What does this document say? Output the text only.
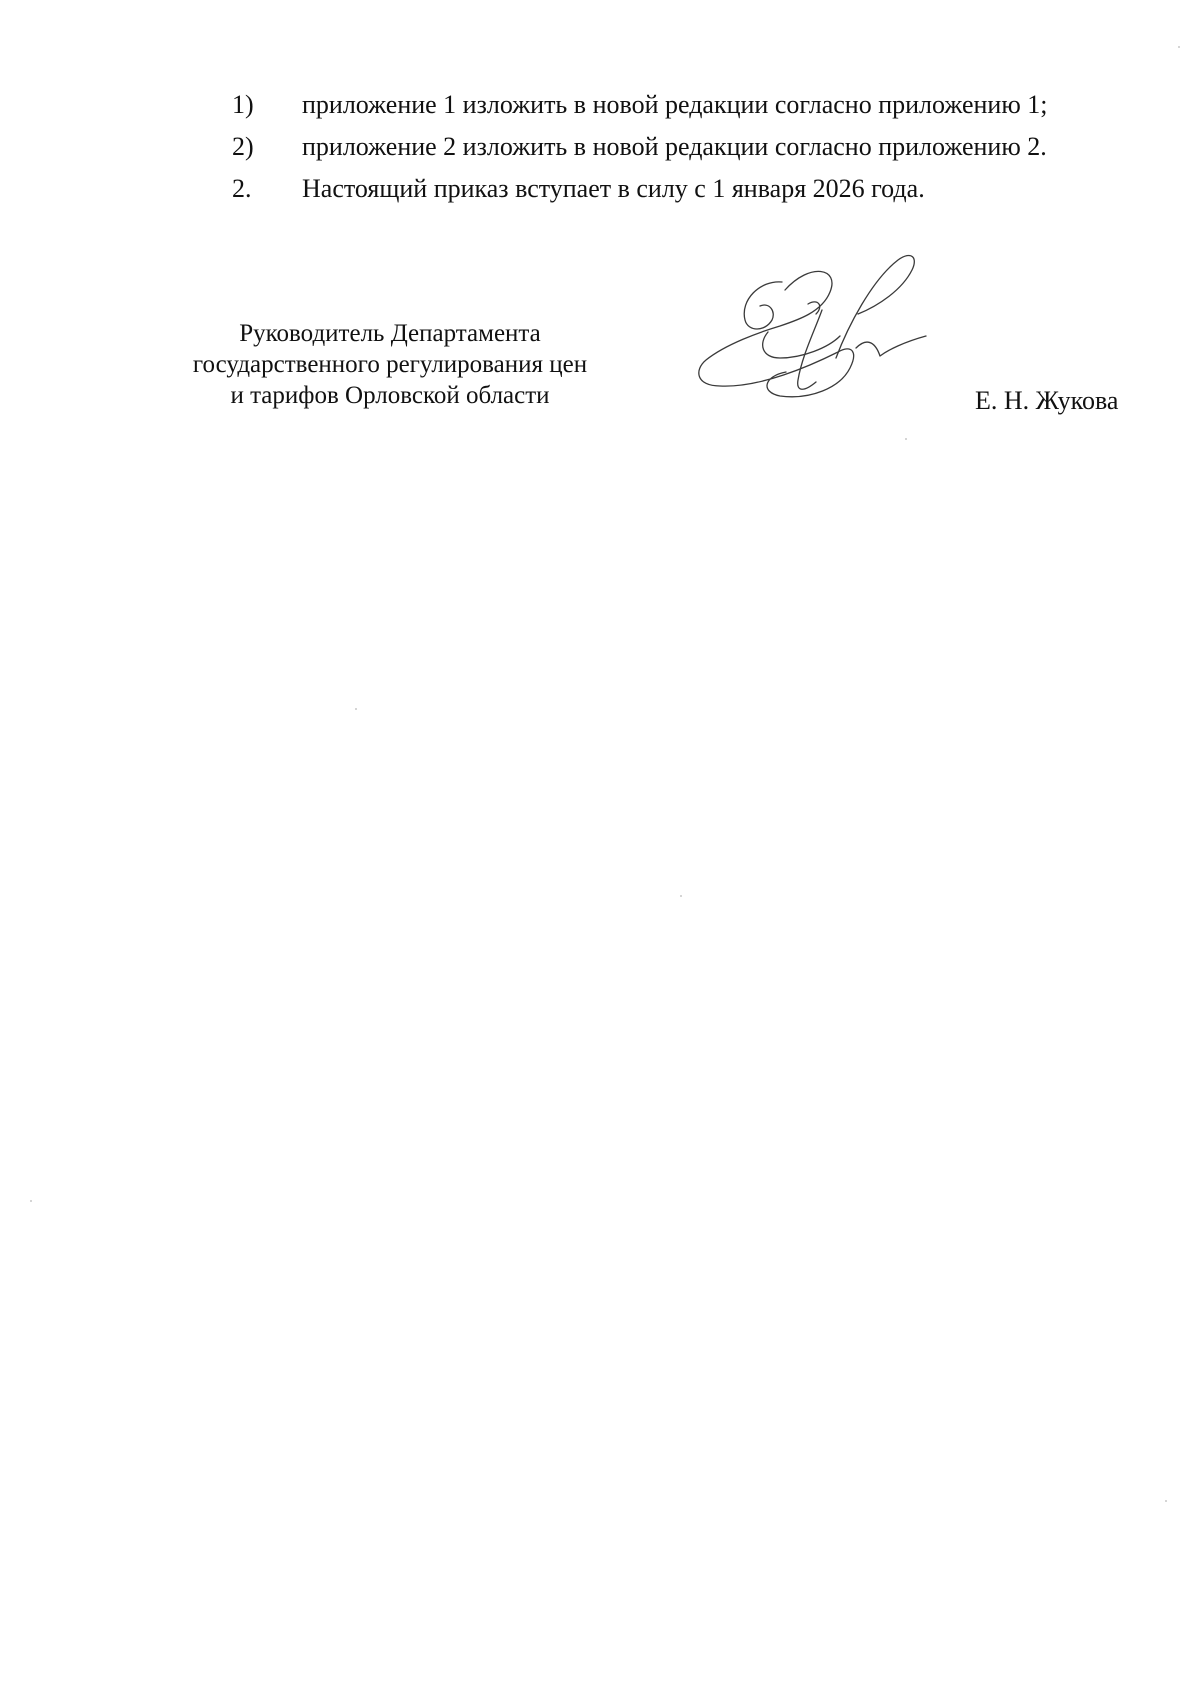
1) приложение 1 изложить в новой редакции согласно приложению 1;
2) приложение 2 изложить в новой редакции согласно приложению 2.
2. Настоящий приказ вступает в силу с 1 января 2026 года.
Руководитель Департамента
государственного регулирования цен
и тарифов Орловской области	Е. Н. Жукова
